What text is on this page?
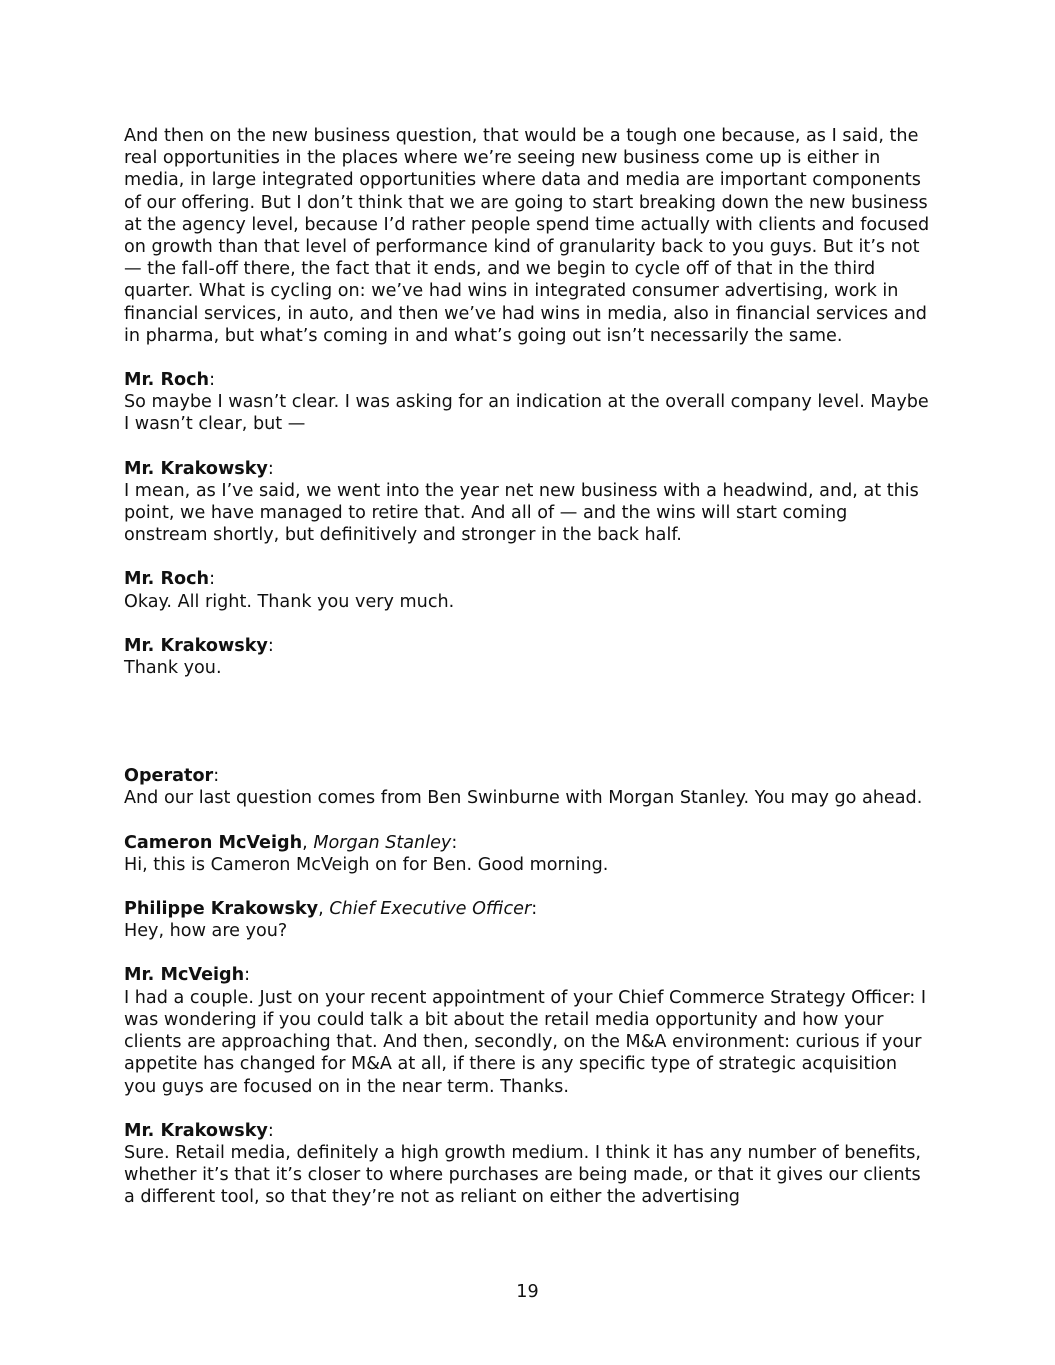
And then on the new business question, that would be a tough one because, as I said, the real opportunities in the places where we’re seeing new business come up is either in media, in large integrated opportunities where data and media are important components of our offering. But I don’t think that we are going to start breaking down the new business at the agency level, because I’d rather people spend time actually with clients and focused on growth than that level of performance kind of granularity back to you guys. But it’s not — the fall-off there, the fact that it ends, and we begin to cycle off of that in the third quarter. What is cycling on: we’ve had wins in integrated consumer advertising, work in financial services, in auto, and then we’ve had wins in media, also in financial services and in pharma, but what’s coming in and what’s going out isn’t necessarily the same.

Mr. Roch:

So maybe I wasn’t clear. I was asking for an indication at the overall company level. Maybe I wasn’t clear, but —

Mr. Krakowsky:

I mean, as I’ve said, we went into the year net new business with a headwind, and, at this point, we have managed to retire that. And all of — and the wins will start coming onstream shortly, but definitively and stronger in the back half.

Mr. Roch:

Okay. All right. Thank you very much.

Mr. Krakowsky:

Thank you.

Operator:

And our last question comes from Ben Swinburne with Morgan Stanley. You may go ahead.

Cameron McVeigh, Morgan Stanley:

Hi, this is Cameron McVeigh on for Ben. Good morning.

Philippe Krakowsky, Chief Executive Officer:

Hey, how are you?

Mr. McVeigh:

I had a couple. Just on your recent appointment of your Chief Commerce Strategy Officer: I was wondering if you could talk a bit about the retail media opportunity and how your clients are approaching that. And then, secondly, on the M&A environment: curious if your appetite has changed for M&A at all, if there is any specific type of strategic acquisition you guys are focused on in the near term. Thanks.

Mr. Krakowsky:

Sure. Retail media, definitely a high growth medium. I think it has any number of benefits, whether it’s that it’s closer to where purchases are being made, or that it gives our clients a different tool, so that they’re not as reliant on either the advertising

19
